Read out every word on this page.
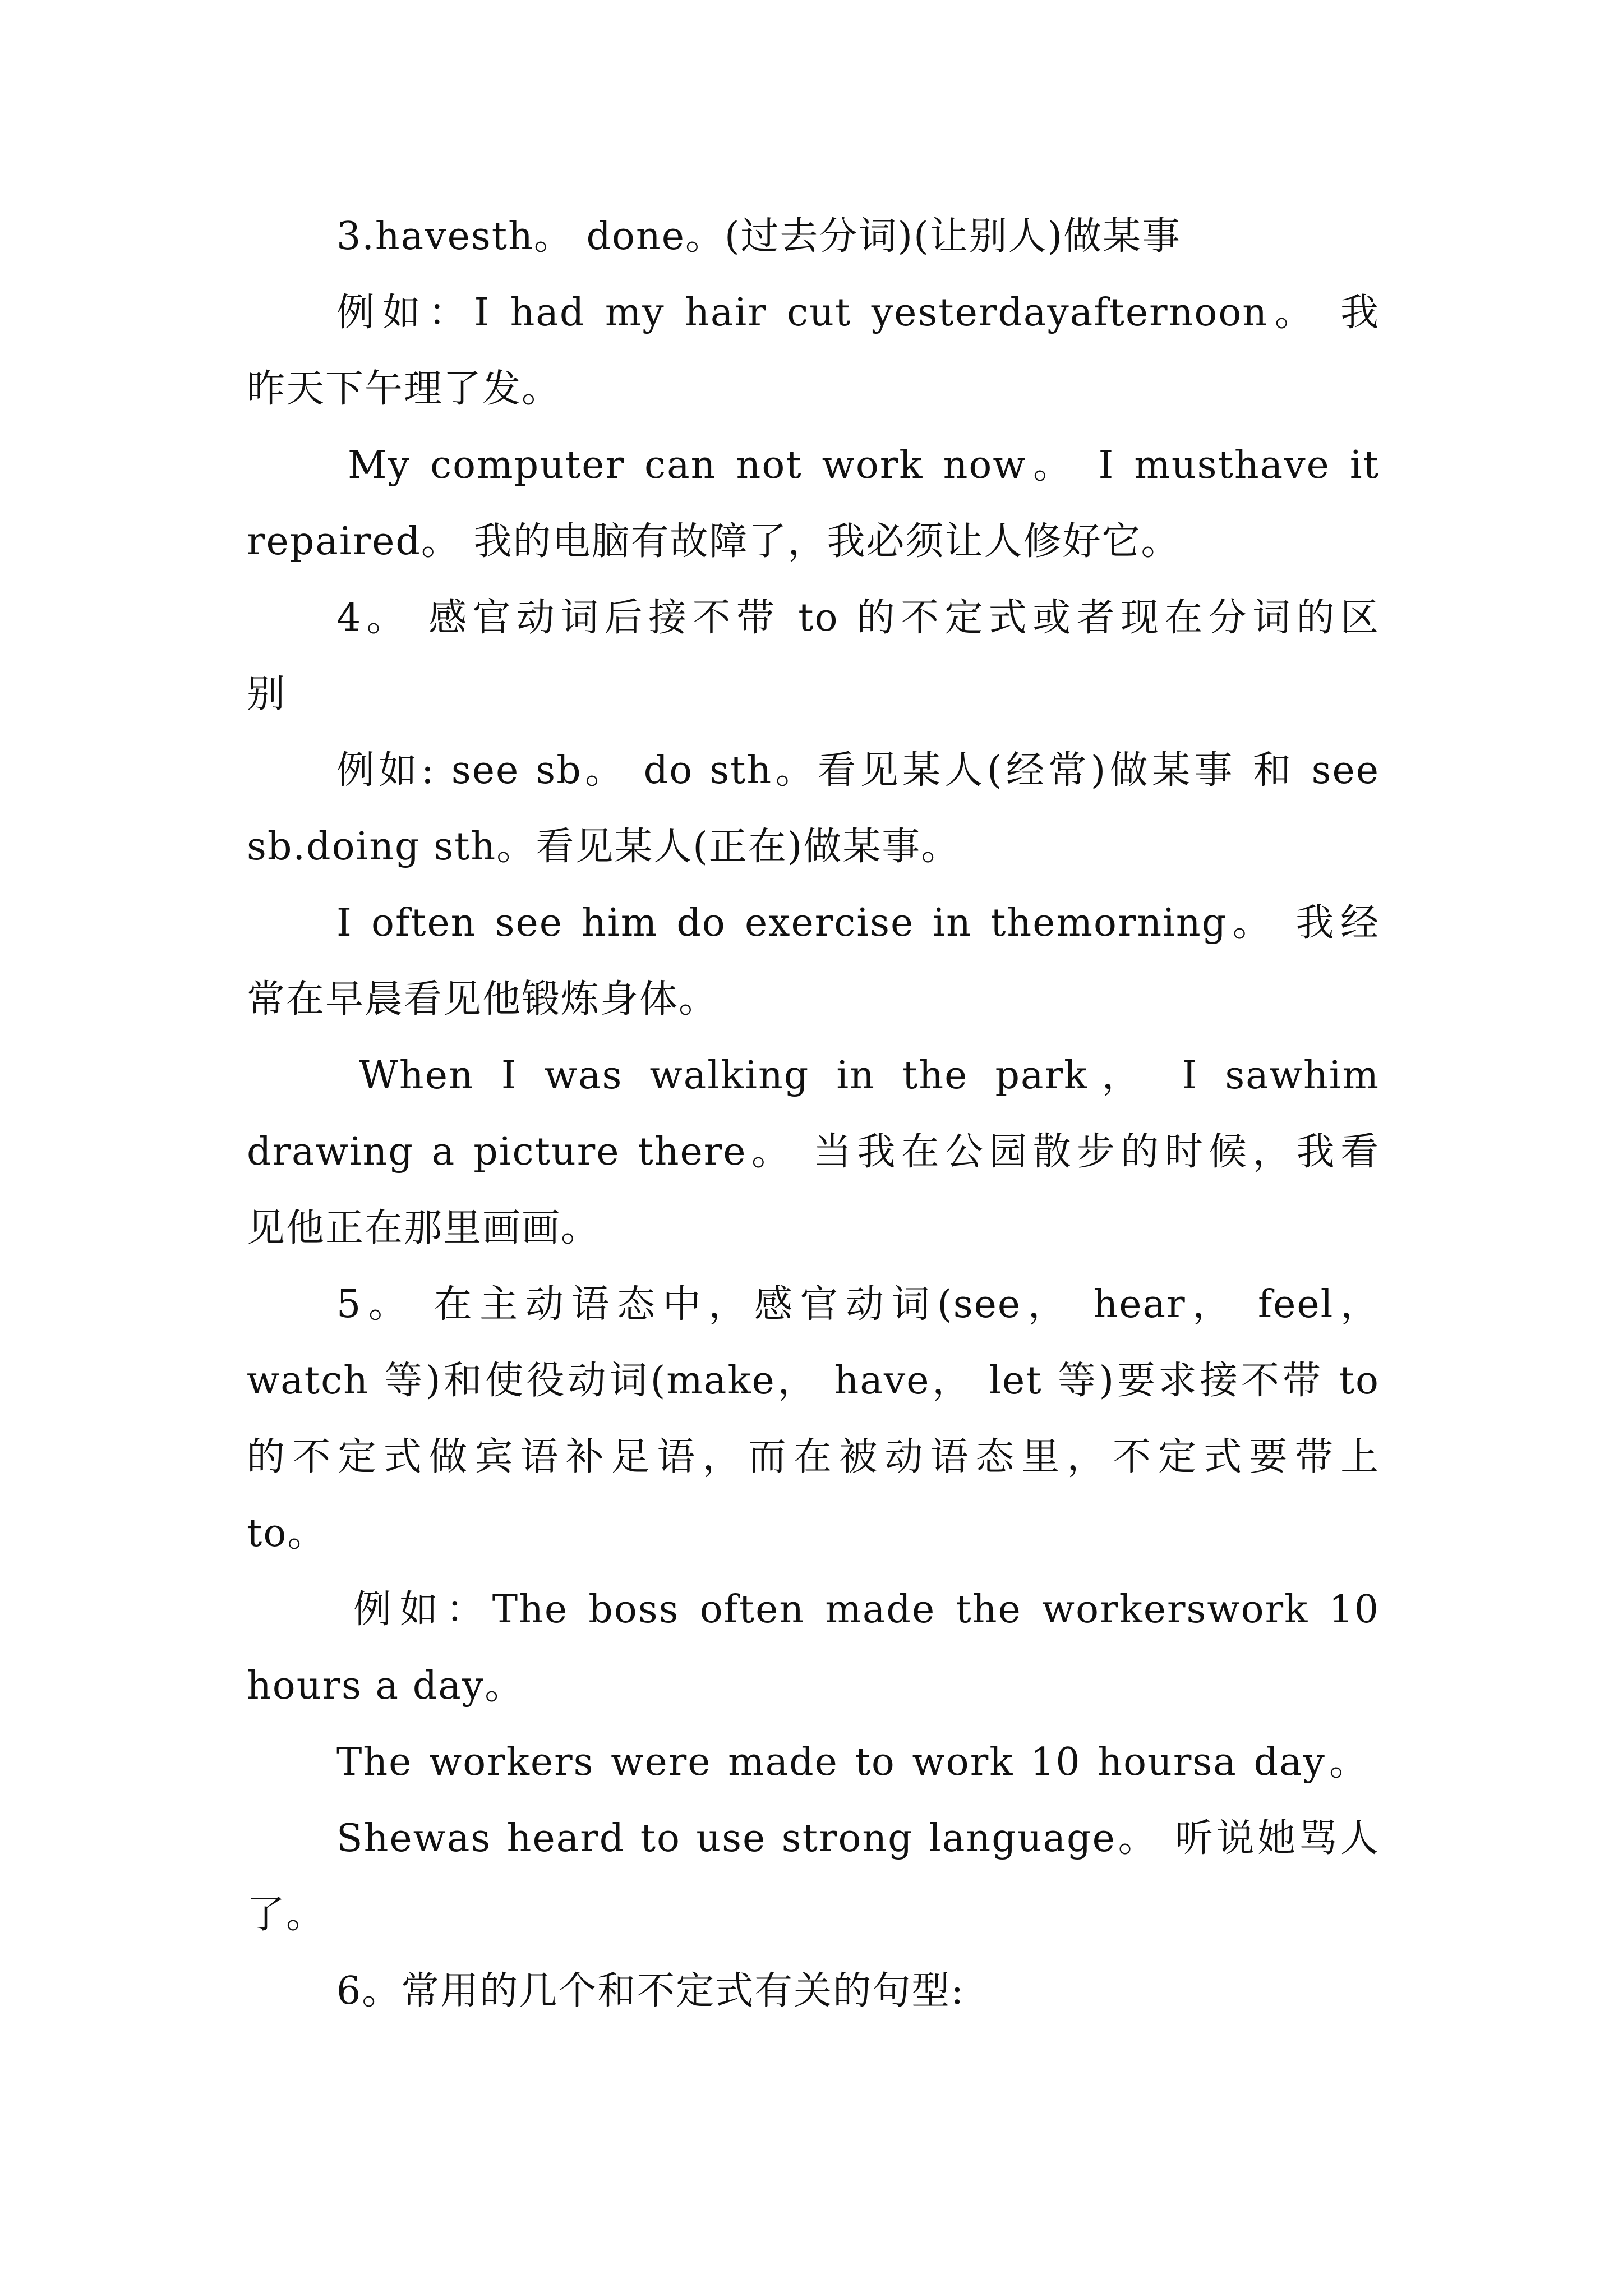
3.havesth。 done。(过去分词)(让别人)做某事
例如：I had my hair cut yesterdayafternoon。 我
昨天下午理了发。
My computer can not work now。 I musthave it
repaired。 我的电脑有故障了，我必须让人修好它。
4。 感官动词后接不带 to 的不定式或者现在分词的区
别
例如: see sb。 do sth。看见某人(经常)做某事 和 see
sb.doing sth。看见某人(正在)做某事。
I often see him do exercise in themorning。 我经
常在早晨看见他锻炼身体。
When I was walking in the park， I sawhim
drawing a picture there。 当我在公园散步的时候，我看
见他正在那里画画。
5。 在主动语态中，感官动词(see， hear， feel，
watch 等)和使役动词(make， have， let 等)要求接不带 to
的不定式做宾语补足语，而在被动语态里，不定式要带上
to。
例如：The boss often made the workerswork 10
hours a day。
The workers were made to work 10 hoursa day。
Shewas heard to use strong language。 听说她骂人
了。
6。常用的几个和不定式有关的句型:
